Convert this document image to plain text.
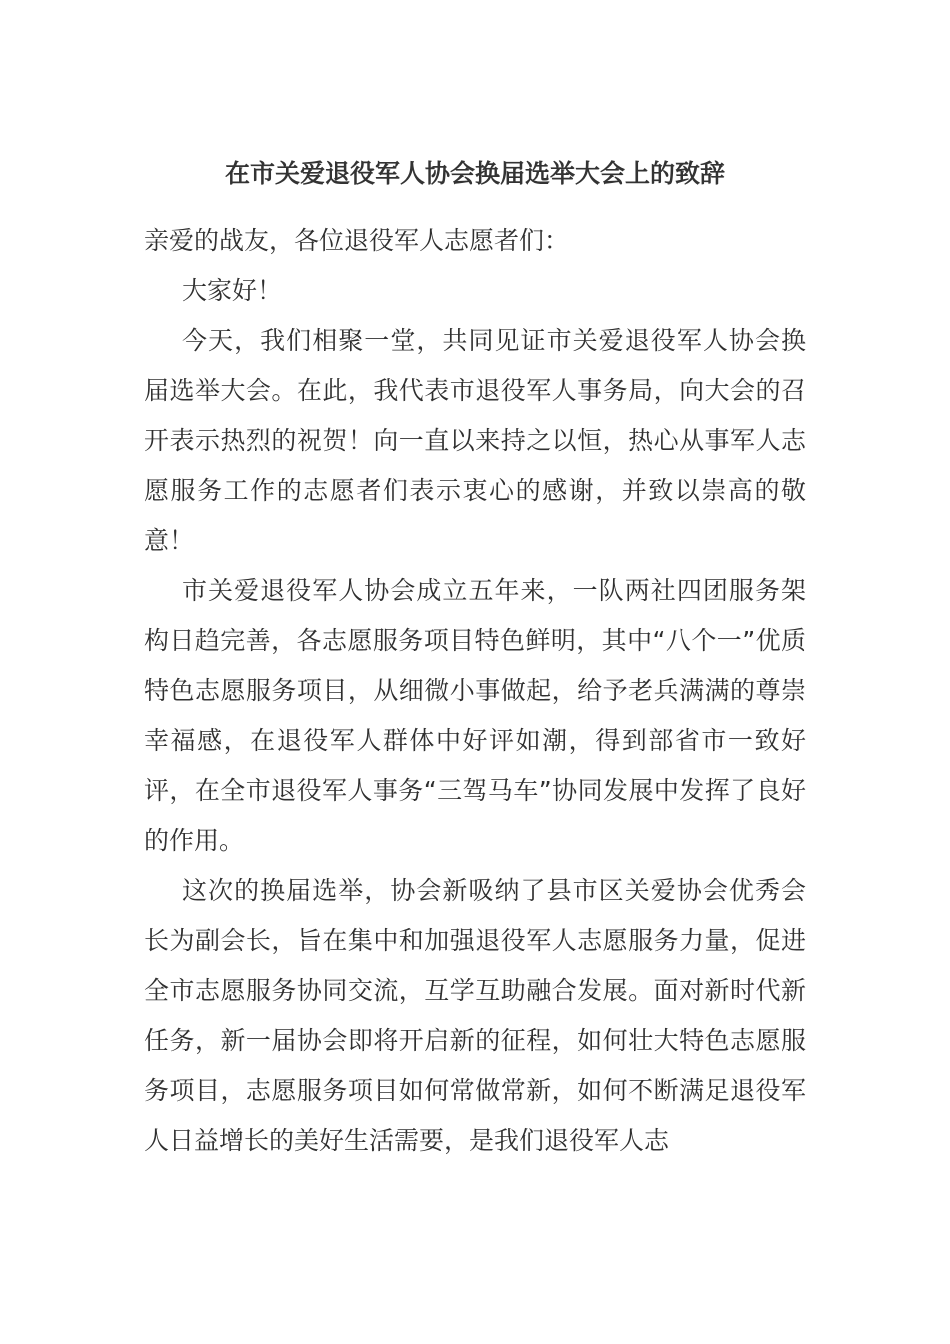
在市关爱退役军人协会换届选举大会上的致辞

亲爱的战友，各位退役军人志愿者们：

大家好！

今天，我们相聚一堂，共同见证市关爱退役军人协会换届选举大会。在此，我代表市退役军人事务局，向大会的召开表示热烈的祝贺！向一直以来持之以恒，热心从事军人志愿服务工作的志愿者们表示衷心的感谢，并致以崇高的敬意！

市关爱退役军人协会成立五年来，一队两社四团服务架构日趋完善，各志愿服务项目特色鲜明，其中“八个一”优质特色志愿服务项目，从细微小事做起，给予老兵满满的尊崇幸福感，在退役军人群体中好评如潮，得到部省市一致好评，在全市退役军人事务“三驾马车”协同发展中发挥了良好的作用。

这次的换届选举，协会新吸纳了县市区关爱协会优秀会长为副会长，旨在集中和加强退役军人志愿服务力量，促进全市志愿服务协同交流，互学互助融合发展。面对新时代新任务，新一届协会即将开启新的征程，如何壮大特色志愿服务项目，志愿服务项目如何常做常新，如何不断满足退役军人日益增长的美好生活需要，是我们退役军人志
